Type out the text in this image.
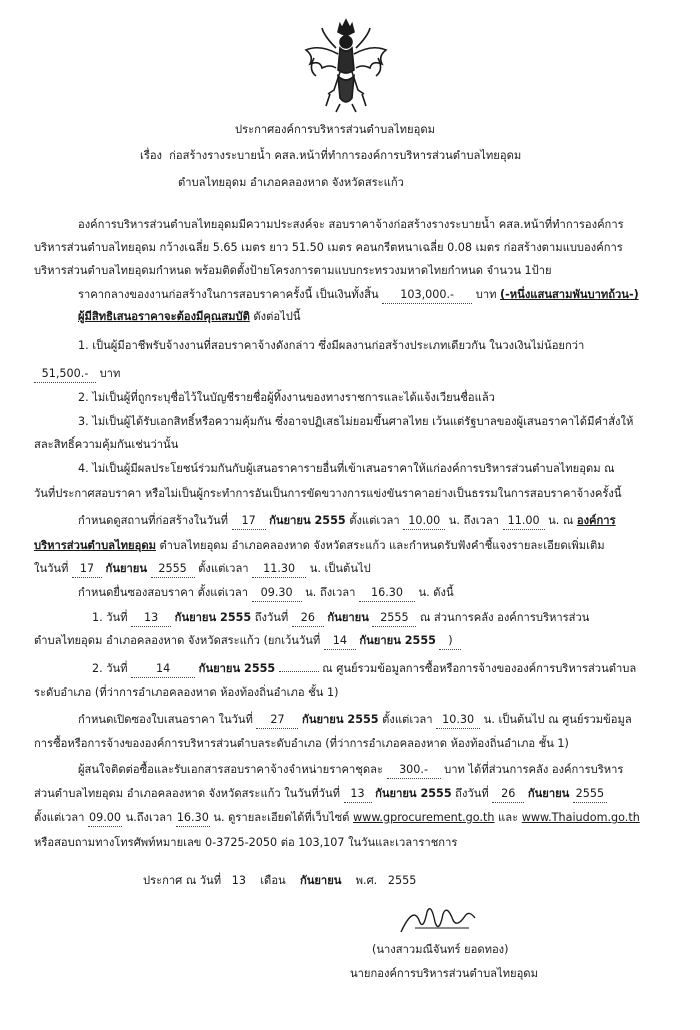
ประกาศองค์การบริหารส่วนตำบลไทยอุดม
เรื่อง ก่อสร้างรางระบายน้ำ คสล.หน้าที่ทำการองค์การบริหารส่วนตำบลไทยอุดม
ตำบลไทยอุดม อำเภอคลองหาด จังหวัดสระแก้ว
องค์การบริหารส่วนตำบลไทยอุดมมีความประสงค์จะ สอบราคาจ้างก่อสร้างรางระบายน้ำ คสล.หน้าที่ทำการองค์การ
บริหารส่วนตำบลไทยอุดม กว้างเฉลี่ย 5.65 เมตร ยาว 51.50 เมตร คอนกรีตหนาเฉลี่ย 0.08 เมตร ก่อสร้างตามแบบองค์การ
บริหารส่วนตำบลไทยอุดมกำหนด พร้อมติดตั้งป้ายโครงการตามแบบกระทรวงมหาดไทยกำหนด จำนวน 1ป้าย
ราคากลางของงานก่อสร้างในการสอบราคาครั้งนี้ เป็นเงินทั้งสิ้น 103,000.- บาท (-หนึ่งแสนสามพันบาทถ้วน-)
ผู้มีสิทธิเสนอราคาจะต้องมีคุณสมบัติ ดังต่อไปนี้
1. เป็นผู้มีอาชีพรับจ้างงานที่สอบราคาจ้างดังกล่าว ซึ่งมีผลงานก่อสร้างประเภทเดียวกัน ในวงเงินไม่น้อยกว่า
51,500.- บาท
2. ไม่เป็นผู้ที่ถูกระบุชื่อไว้ในบัญชีรายชื่อผู้ทิ้งงานของทางราชการและได้แจ้งเวียนชื่อแล้ว
3. ไม่เป็นผู้ได้รับเอกสิทธิ์หรือความคุ้มกัน ซึ่งอาจปฏิเสธไม่ยอมขึ้นศาลไทย เว้นแต่รัฐบาลของผู้เสนอราคาได้มีคำสั่งให้
สละสิทธิ์ความคุ้มกันเช่นว่านั้น
4. ไม่เป็นผู้มีผลประโยชน์ร่วมกันกับผู้เสนอราคารายอื่นที่เข้าเสนอราคาให้แก่องค์การบริหารส่วนตำบลไทยอุดม ณ
วันที่ประกาศสอบราคา หรือไม่เป็นผู้กระทำการอันเป็นการขัดขวางการแข่งขันราคาอย่างเป็นธรรมในการสอบราคาจ้างครั้งนี้
กำหนดดูสถานที่ก่อสร้างในวันที่ 17 กันยายน 2555 ตั้งแต่เวลา 10.00 น. ถึงเวลา 11.00 น. ณ องค์การ
บริหารส่วนตำบลไทยอุดม ตำบลไทยอุดม อำเภอคลองหาด จังหวัดสระแก้ว และกำหนดรับฟังคำชี้แจงรายละเอียดเพิ่มเติม
ในวันที่ 17 กันยายน 2555 ตั้งแต่เวลา 11.30 น. เป็นต้นไป
กำหนดยื่นซองสอบราคา ตั้งแต่เวลา 09.30 น. ถึงเวลา 16.30 น. ดังนี้
1. วันที่ 13 กันยายน 2555 ถึงวันที่ 26 กันยายน 2555 ณ ส่วนการคลัง องค์การบริหารส่วน
ตำบลไทยอุดม อำเภอคลองหาด จังหวัดสระแก้ว (ยกเว้นวันที่ 14 กันยายน 2555 )
2. วันที่	14	กันยายน 2555	ณ ศูนย์รวมข้อมูลการซื้อหรือการจ้างขององค์การบริหารส่วนตำบล
ระดับอำเภอ (ที่ว่าการอำเภอคลองหาด ห้องท้องถิ่นอำเภอ ชั้น 1)
กำหนดเปิดซองใบเสนอราคา ในวันที่ 27 กันยายน 2555 ตั้งแต่เวลา 10.30 น. เป็นต้นไป ณ ศูนย์รวมข้อมูล
การซื้อหรือการจ้างขององค์การบริหารส่วนตำบลระดับอำเภอ (ที่ว่าการอำเภอคลองหาด ห้องท้องถิ่นอำเภอ ชั้น 1)
ผู้สนใจติดต่อซื้อและรับเอกสารสอบราคาจ้างจำหน่ายราคาชุดละ 300.- บาท ได้ที่ส่วนการคลัง องค์การบริหาร
ส่วนตำบลไทยอุดม อำเภอคลองหาด จังหวัดสระแก้ว ในวันที่วันที่ 13 กันยายน 2555 ถึงวันที่ 26 กันยายน 2555
ตั้งแต่เวลา 09.00 น.ถึงเวลา 16.30 น. ดูรายละเอียดได้ที่เว็บไซต์ www.gprocurement.go.th และ www.Thaiudom.go.th
หรือสอบถามทางโทรศัพท์หมายเลข 0-3725-2050 ต่อ 103,107 ในวันและเวลาราชการ
ประกาศ ณ วันที่ 13 เดือน กันยายน พ.ศ. 2555
(นางสาวมณีจันทร์ ยอดทอง)
นายกองค์การบริหารส่วนตำบลไทยอุดม
